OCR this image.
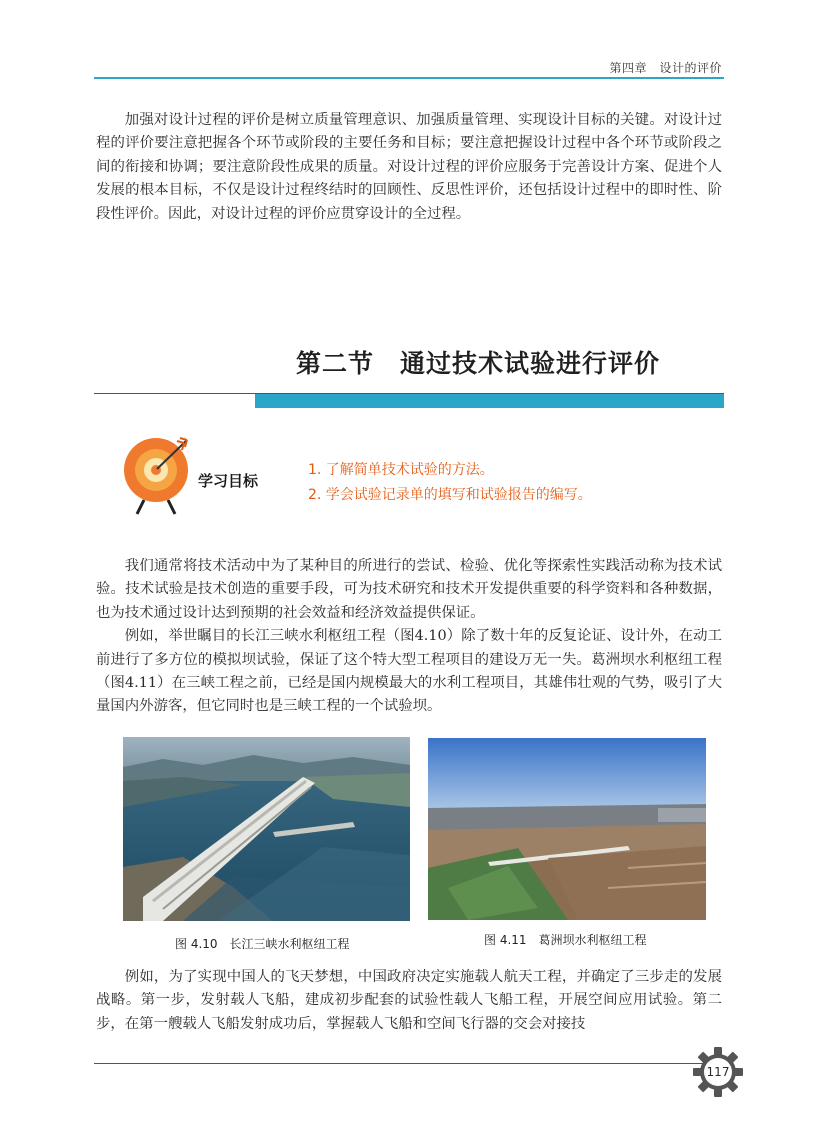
第四章　设计的评价

加强对设计过程的评价是树立质量管理意识、加强质量管理、实现设计目标的关键。对设计过程的评价要注意把握各个环节或阶段的主要任务和目标；要注意把握设计过程中各个环节或阶段之间的衔接和协调；要注意阶段性成果的质量。对设计过程的评价应服务于完善设计方案、促进个人发展的根本目标，不仅是设计过程终结时的回顾性、反思性评价，还包括设计过程中的即时性、阶段性评价。因此，对设计过程的评价应贯穿设计的全过程。

第二节　通过技术试验进行评价
学习目标
1. 了解简单技术试验的方法。
2. 学会试验记录单的填写和试验报告的编写。

我们通常将技术活动中为了某种目的所进行的尝试、检验、优化等探索性实践活动称为技术试验。技术试验是技术创造的重要手段，可为技术研究和技术开发提供重要的科学资料和各种数据，也为技术通过设计达到预期的社会效益和经济效益提供保证。

例如，举世瞩目的长江三峡水利枢纽工程（图4.10）除了数十年的反复论证、设计外，在动工前进行了多方位的模拟坝试验，保证了这个特大型工程项目的建设万无一失。葛洲坝水利枢纽工程（图4.11）在三峡工程之前，已经是国内规模最大的水利工程项目，其雄伟壮观的气势，吸引了大量国内外游客，但它同时也是三峡工程的一个试验坝。

图 4.10　长江三峡水利枢纽工程	图 4.11　葛洲坝水利枢纽工程

例如，为了实现中国人的飞天梦想，中国政府决定实施载人航天工程，并确定了三步走的发展战略。第一步，发射载人飞船，建成初步配套的试验性载人飞船工程，开展空间应用试验。第二步，在第一艘载人飞船发射成功后，掌握载人飞船和空间飞行器的交会对接技

117
